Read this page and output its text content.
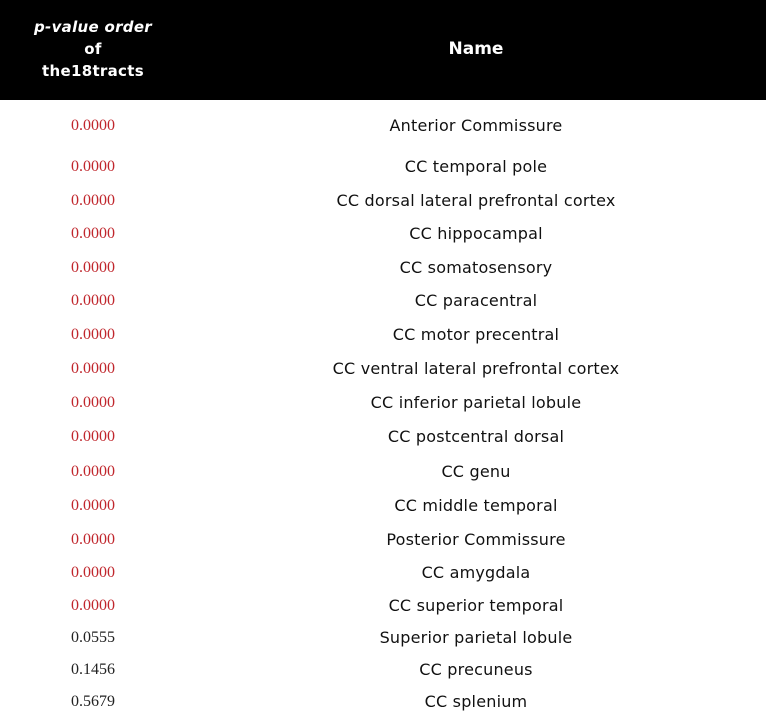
p-value order
of
the18tracts
Name
0.0000	Anterior Commissure
0.0000	CC temporal pole
0.0000	CC dorsal lateral prefrontal cortex
0.0000	CC hippocampal
0.0000	CC somatosensory
0.0000	CC paracentral
0.0000	CC motor precentral
0.0000	CC ventral lateral prefrontal cortex
0.0000	CC inferior parietal lobule
0.0000	CC postcentral dorsal
0.0000	CC genu
0.0000	CC middle temporal
0.0000	Posterior Commissure
0.0000	CC amygdala
0.0000	CC superior temporal
0.0555	Superior parietal lobule
0.1456	CC precuneus
0.5679	CC splenium
